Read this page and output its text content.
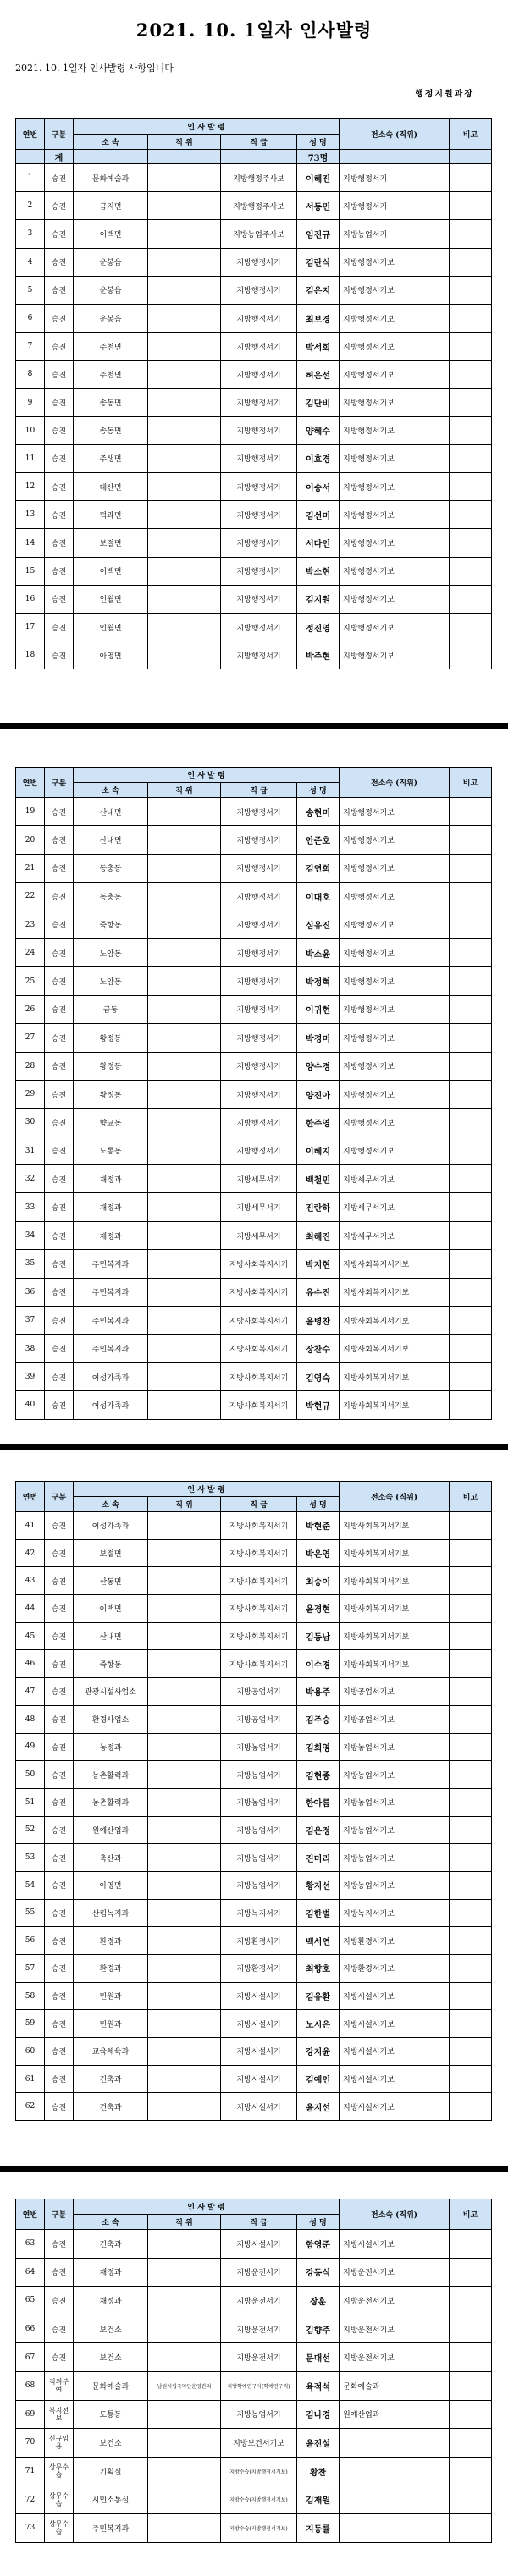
2021. 10. 1일자 인사발령
2021. 10. 1일자 인사발령 사항입니다
행정지원과장
연번	구분	인 사 발 령				전소속 (직위)	비고
		소 속	직 위	직 급	성 명		
	계				73명		
1	승진	문화예술과		지방행정주사보	이혜진	지방행정서기	
2	승진	금지면		지방행정주사보	서동민	지방행정서기	
3	승진	이백면		지방농업주사보	임진규	지방농업서기	
4	승진	운봉읍		지방행정서기	김란식	지방행정서기보	
5	승진	운봉읍		지방행정서기	김은지	지방행정서기보	
6	승진	운봉읍		지방행정서기	최보경	지방행정서기보	
7	승진	주천면		지방행정서기	박서희	지방행정서기보	
8	승진	주천면		지방행정서기	허은선	지방행정서기보	
9	승진	송동면		지방행정서기	김단비	지방행정서기보	
10	승진	송동면		지방행정서기	양혜수	지방행정서기보	
11	승진	주생면		지방행정서기	이효경	지방행정서기보	
12	승진	대산면		지방행정서기	이송서	지방행정서기보	
13	승진	덕과면		지방행정서기	김선미	지방행정서기보	
14	승진	보절면		지방행정서기	서다인	지방행정서기보	
15	승진	이백면		지방행정서기	박소현	지방행정서기보	
16	승진	인월면		지방행정서기	김지원	지방행정서기보	
17	승진	인월면		지방행정서기	정진영	지방행정서기보	
18	승진	아영면		지방행정서기	박주현	지방행정서기보	
연번	구분	인 사 발 령				전소속 (직위)	비고
		소 속	직 위	직 급	성 명		
19	승진	산내면		지방행정서기	송현미	지방행정서기보	
20	승진	산내면		지방행정서기	안준호	지방행정서기보	
21	승진	동충동		지방행정서기	김연희	지방행정서기보	
22	승진	동충동		지방행정서기	이대호	지방행정서기보	
23	승진	죽항동		지방행정서기	심유진	지방행정서기보	
24	승진	노암동		지방행정서기	박소윤	지방행정서기보	
25	승진	노암동		지방행정서기	박정혁	지방행정서기보	
26	승진	금동		지방행정서기	이귀현	지방행정서기보	
27	승진	왕정동		지방행정서기	박경미	지방행정서기보	
28	승진	왕정동		지방행정서기	양수경	지방행정서기보	
29	승진	왕정동		지방행정서기	양진아	지방행정서기보	
30	승진	향교동		지방행정서기	한주영	지방행정서기보	
31	승진	도통동		지방행정서기	이혜지	지방행정서기보	
32	승진	재정과		지방세무서기	백철민	지방세무서기보	
33	승진	재정과		지방세무서기	진란하	지방세무서기보	
34	승진	재정과		지방세무서기	최혜진	지방세무서기보	
35	승진	주민복지과		지방사회복지서기	박지현	지방사회복지서기보	
36	승진	주민복지과		지방사회복지서기	유수진	지방사회복지서기보	
37	승진	주민복지과		지방사회복지서기	윤병찬	지방사회복지서기보	
38	승진	주민복지과		지방사회복지서기	장찬수	지방사회복지서기보	
39	승진	여성가족과		지방사회복지서기	김영숙	지방사회복지서기보	
40	승진	여성가족과		지방사회복지서기	박현규	지방사회복지서기보	
연번	구분	인 사 발 령				전소속 (직위)	비고
		소 속	직 위	직 급	성 명		
41	승진	여성가족과		지방사회복지서기	박현준	지방사회복지서기보	
42	승진	보절면		지방사회복지서기	박은영	지방사회복지서기보	
43	승진	산동면		지방사회복지서기	최승이	지방사회복지서기보	
44	승진	이백면		지방사회복지서기	윤경현	지방사회복지서기보	
45	승진	산내면		지방사회복지서기	김동남	지방사회복지서기보	
46	승진	죽항동		지방사회복지서기	이수경	지방사회복지서기보	
47	승진	관광시설사업소		지방공업서기	박용주	지방공업서기보	
48	승진	환경사업소		지방공업서기	김주승	지방공업서기보	
49	승진	농정과		지방농업서기	김희영	지방농업서기보	
50	승진	농촌활력과		지방농업서기	김현종	지방농업서기보	
51	승진	농촌활력과		지방농업서기	한아름	지방농업서기보	
52	승진	원예산업과		지방농업서기	김은정	지방농업서기보	
53	승진	축산과		지방농업서기	진미리	지방농업서기보	
54	승진	아영면		지방농업서기	황지선	지방농업서기보	
55	승진	산림녹지과		지방녹지서기	김한별	지방녹지서기보	
56	승진	환경과		지방환경서기	백서연	지방환경서기보	
57	승진	환경과		지방환경서기	최향호	지방환경서기보	
58	승진	민원과		지방시설서기	김유환	지방시설서기보	
59	승진	민원과		지방시설서기	노시은	지방시설서기보	
60	승진	교육체육과		지방시설서기	강지윤	지방시설서기보	
61	승진	건축과		지방시설서기	김예인	지방시설서기보	
62	승진	건축과		지방시설서기	윤지선	지방시설서기보	
연번	구분	인 사 발 령				전소속 (직위)	비고
		소 속	직 위	직 급	성 명		
63	승진	건축과		지방시설서기	함영준	지방시설서기보	
64	승진	재정과		지방운전서기	강동식	지방운전서기보	
65	승진	재정과		지방운전서기	장훈	지방운전서기보	
66	승진	보건소		지방운전서기	김향주	지방운전서기보	
67	승진	보건소		지방운전서기	문대선	지방운전서기보	
68	직위부여	문화예술과	남원시립국악단운영관리	지방학예연구사(학예연구직)	육적석	문화예술과	
69	복지전보	도통동		지방농업서기	김나경	원예산업과	
70	신규임용	보건소		지방보건서기보	윤진설		
71	상무수습	기획실		지방수습(지방행정서기보)	황찬		
72	상무수습	시민소통실		지방수습(지방행정서기보)	김재원		
73	상무수습	주민복지과		지방수습(지방행정서기보)	지동률		
